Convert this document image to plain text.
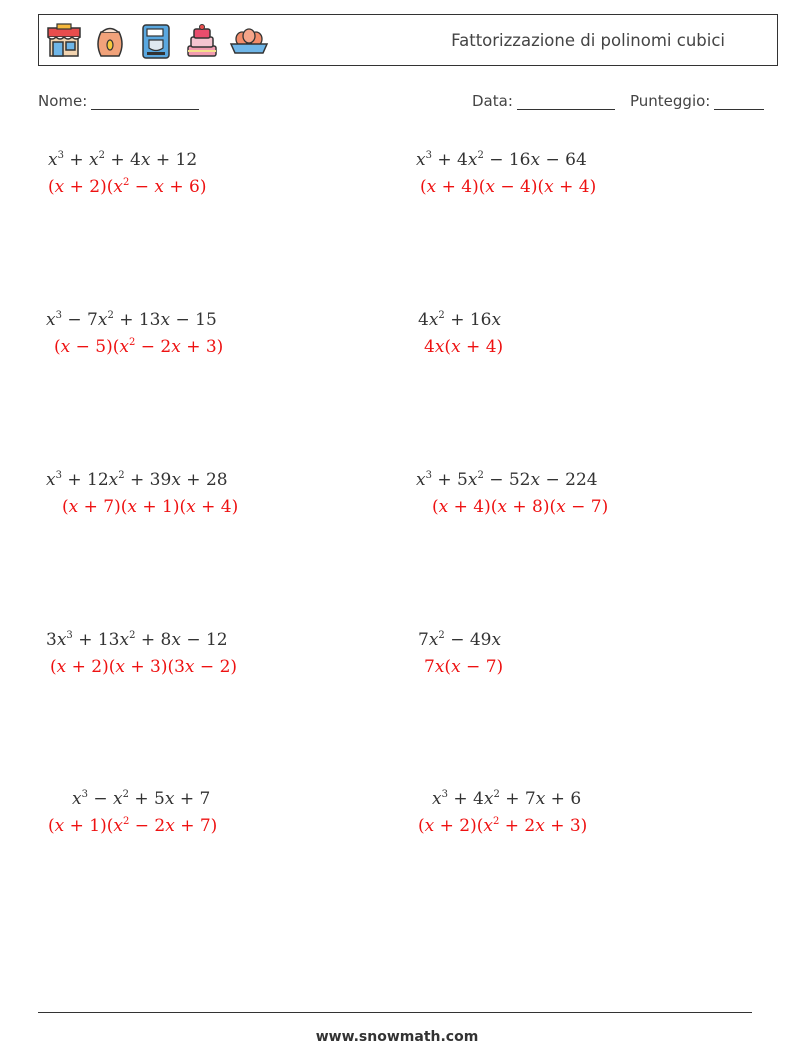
Fattorizzazione di polinomi cubici
Nome:	Data:	Punteggio:
$x^3 + x^2 + 4x + 12$
$(x + 2)(x^2 - x + 6)$
$x^3 + 4x^2 - 16x - 64$
(x + 4)(x − 4)(x + 4)
$x^3 - 7x^2 + 13x - 15$
$(x - 5)(x^2 - 2x + 3)$
$4x^2 + 16x$
4x(x + 4)
$x^3 + 12x^2 + 39x + 28$
(x + 7)(x + 1)(x + 4)
$x^3 + 5x^2 - 52x - 224$
(x + 4)(x + 8)(x − 7)
$3x^3 + 13x^2 + 8x - 12$
(x + 2)(x + 3)(3x − 2)
$7x^2 - 49x$
7x(x − 7)
$x^3 - x^2 + 5x + 7$
$(x + 1)(x^2 - 2x + 7)$
$x^3 + 4x^2 + 7x + 6$
$(x + 2)(x^2 + 2x + 3)$
www.snowmath.com
